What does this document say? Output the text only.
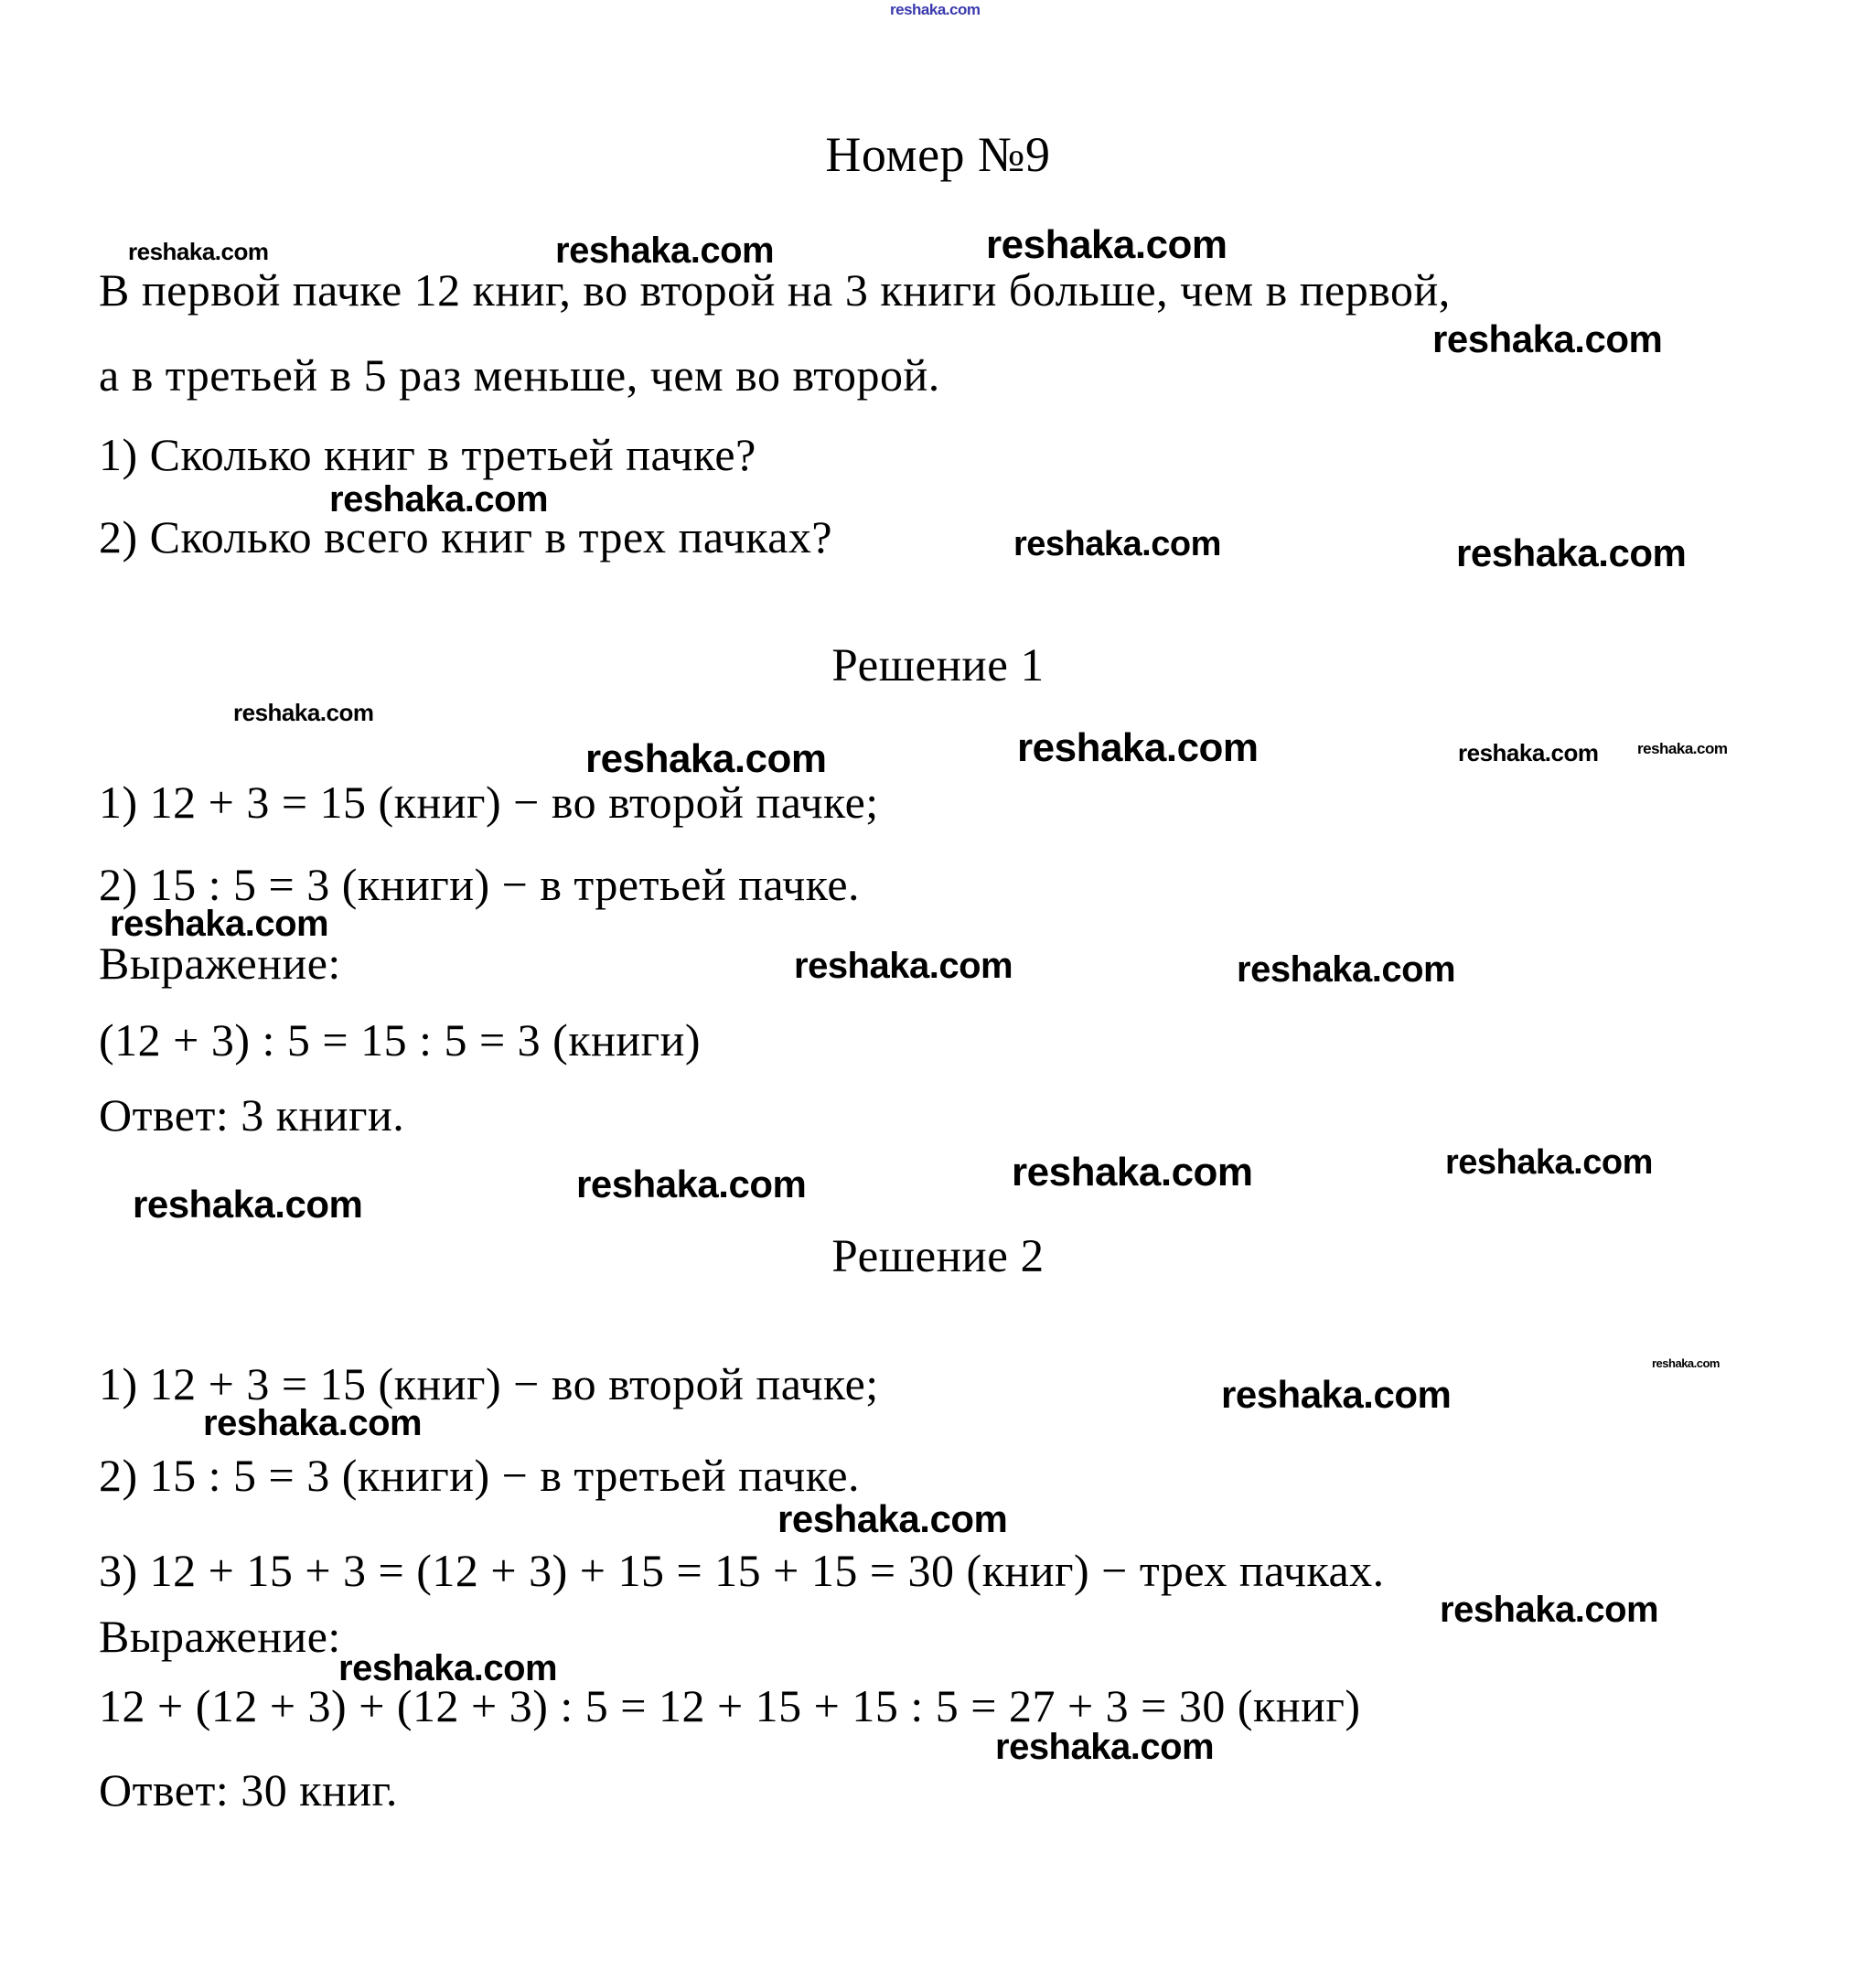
reshaka.com
reshaka.com	reshaka.com	reshaka.com
reshaka.com
reshaka.com
reshaka.com	reshaka.com
reshaka.com
reshaka.com	reshaka.com	reshaka.com	reshaka.com
reshaka.com
reshaka.com	reshaka.com
reshaka.com	reshaka.com	reshaka.com	reshaka.com
reshaka.com
reshaka.com
reshaka.com
reshaka.com
reshaka.com
reshaka.com
reshaka.com
Номер №9
В первой пачке 12 книг, во второй на 3 книги больше, чем в первой,
а в третьей в 5 раз меньше, чем во второй.
1) Сколько книг в третьей пачке?
2) Сколько всего книг в трех пачках?
Решение 1
1) 12 + 3 = 15 (книг) − во второй пачке;
2) 15 : 5 = 3 (книги) − в третьей пачке.
Выражение:
(12 + 3) : 5 = 15 : 5 = 3 (книги)
Ответ: 3 книги.
Решение 2
1) 12 + 3 = 15 (книг) − во второй пачке;
2) 15 : 5 = 3 (книги) − в третьей пачке.
3) 12 + 15 + 3 = (12 + 3) + 15 = 15 + 15 = 30 (книг) − трех пачках.
Выражение:
12 + (12 + 3) + (12 + 3) : 5 = 12 + 15 + 15 : 5 = 27 + 3 = 30 (книг)
Ответ: 30 книг.
